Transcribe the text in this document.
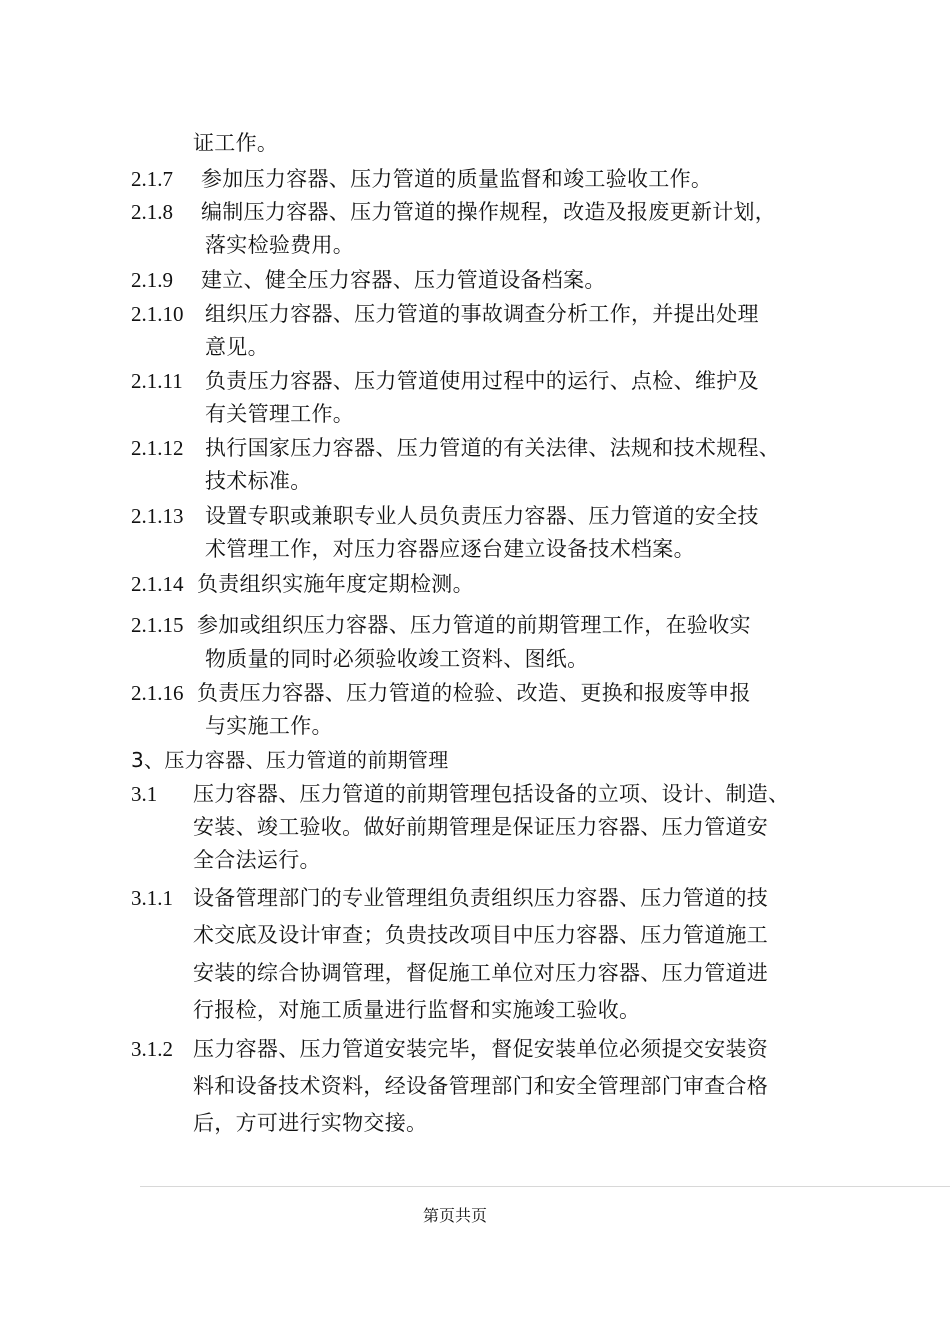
证工作。
2.1.7 参加压力容器、压力管道的质量监督和竣工验收工作。
2.1.8 编制压力容器、压力管道的操作规程，改造及报废更新计划，
落实检验费用。
2.1.9 建立、健全压力容器、压力管道设备档案。
2.1.10 组织压力容器、压力管道的事故调查分析工作，并提出处理
意见。
2.1.11 负责压力容器、压力管道使用过程中的运行、点检、维护及
有关管理工作。
2.1.12 执行国家压力容器、压力管道的有关法律、法规和技术规程、
技术标准。
2.1.13 设置专职或兼职专业人员负责压力容器、压力管道的安全技
术管理工作，对压力容器应逐台建立设备技术档案。
2.1.14 负责组织实施年度定期检测。
2.1.15 参加或组织压力容器、压力管道的前期管理工作，在验收实
物质量的同时必须验收竣工资料、图纸。
2.1.16 负责压力容器、压力管道的检验、改造、更换和报废等申报
与实施工作。
3、压力容器、压力管道的前期管理
3.1 压力容器、压力管道的前期管理包括设备的立项、设计、制造、
安装、竣工验收。做好前期管理是保证压力容器、压力管道安
全合法运行。
3.1.1 设备管理部门的专业管理组负责组织压力容器、压力管道的技
术交底及设计审查；负贵技改项目中压力容器、压力管道施工
安装的综合协调管理，督促施工单位对压力容器、压力管道进
行报检，对施工质量进行监督和实施竣工验收。
3.1.2 压力容器、压力管道安装完毕，督促安装单位必须提交安装资
料和设备技术资料，经设备管理部门和安全管理部门审查合格
后，方可进行实物交接。
第页共页
